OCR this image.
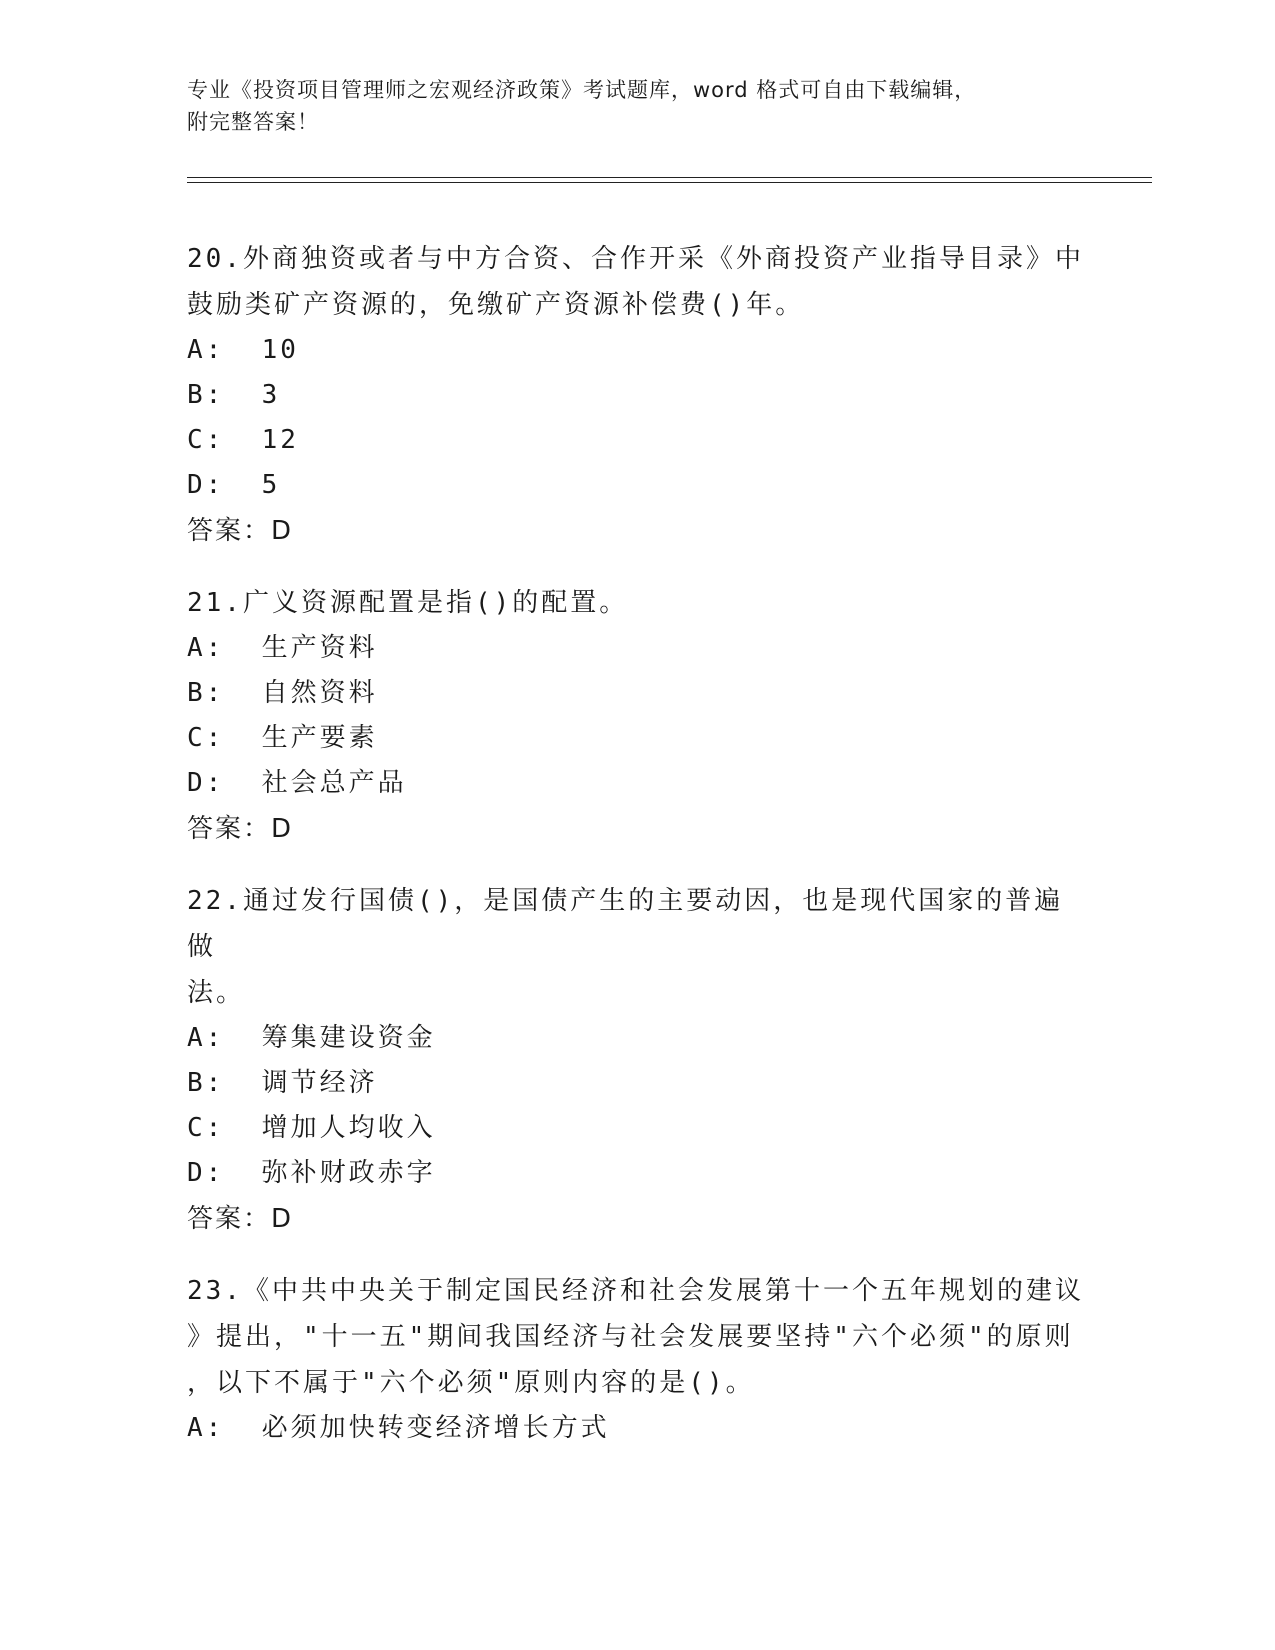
专业《投资项目管理师之宏观经济政策》考试题库，word 格式可自由下载编辑，
附完整答案！

20.外商独资或者与中方合资、合作开采《外商投资产业指导目录》中

鼓励类矿产资源的，免缴矿产资源补偿费()年。

A:  10

B:  3

C:  12

D:  5

答案：D

21.广义资源配置是指()的配置。

A:  生产资料

B:  自然资料

C:  生产要素

D:  社会总产品

答案：D

22.通过发行国债()，是国债产生的主要动因，也是现代国家的普遍做

法。

A:  筹集建设资金

B:  调节经济

C:  增加人均收入

D:  弥补财政赤字

答案：D

23.《中共中央关于制定国民经济和社会发展第十一个五年规划的建议

》提出，"十一五"期间我国经济与社会发展要坚持"六个必须"的原则

，以下不属于"六个必须"原则内容的是()。

A:  必须加快转变经济增长方式
